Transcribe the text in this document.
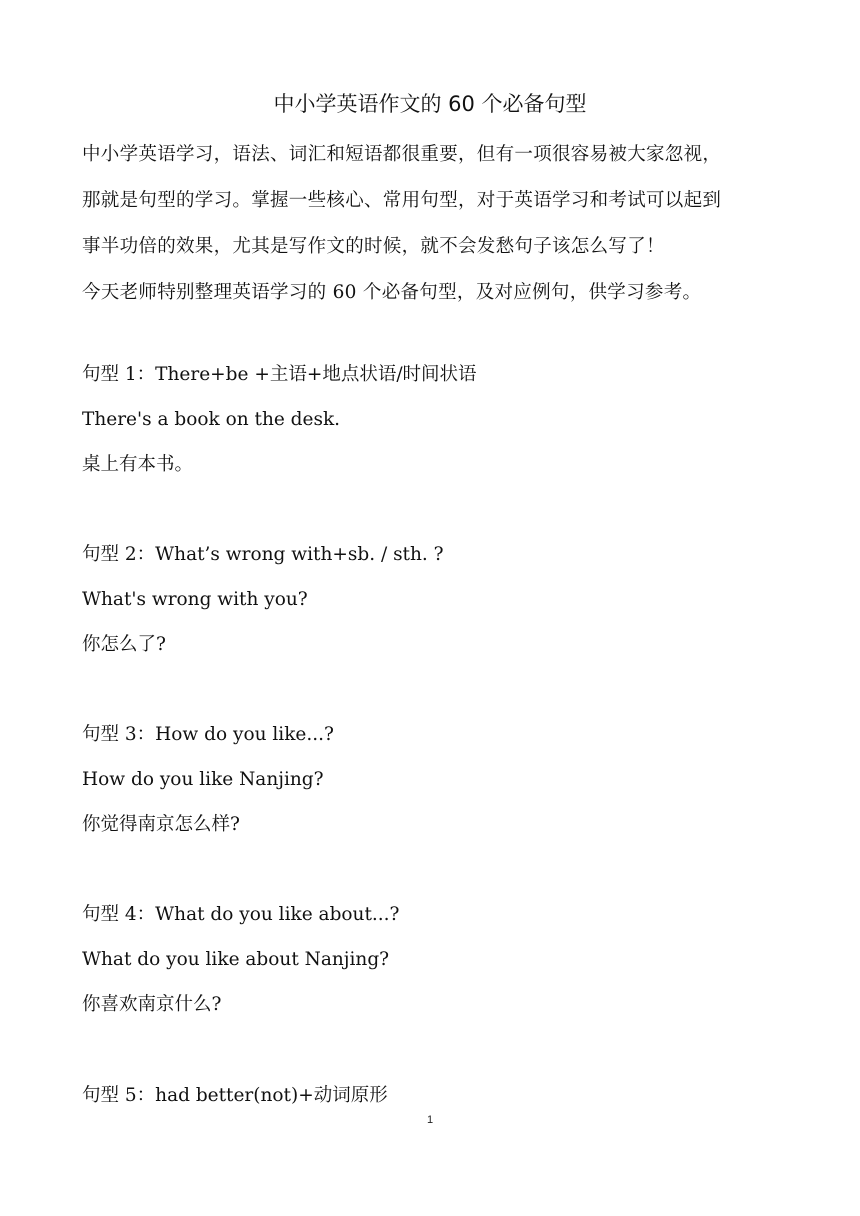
中小学英语作文的 60 个必备句型

中小学英语学习，语法、词汇和短语都很重要，但有一项很容易被大家忽视，

那就是句型的学习。掌握一些核心、常用句型，对于英语学习和考试可以起到

事半功倍的效果，尤其是写作文的时候，就不会发愁句子该怎么写了！

今天老师特别整理英语学习的 60 个必备句型，及对应例句，供学习参考。

句型 1：There+be +主语+地点状语/时间状语

There's a book on the desk.

桌上有本书。

句型 2：What’s wrong with+sb. / sth. ?

What's wrong with you?

你怎么了?

句型 3：How do you like...?

How do you like Nanjing?

你觉得南京怎么样?

句型 4：What do you like about...?

What do you like about Nanjing?

你喜欢南京什么?

句型 5：had better(not)+动词原形

1
